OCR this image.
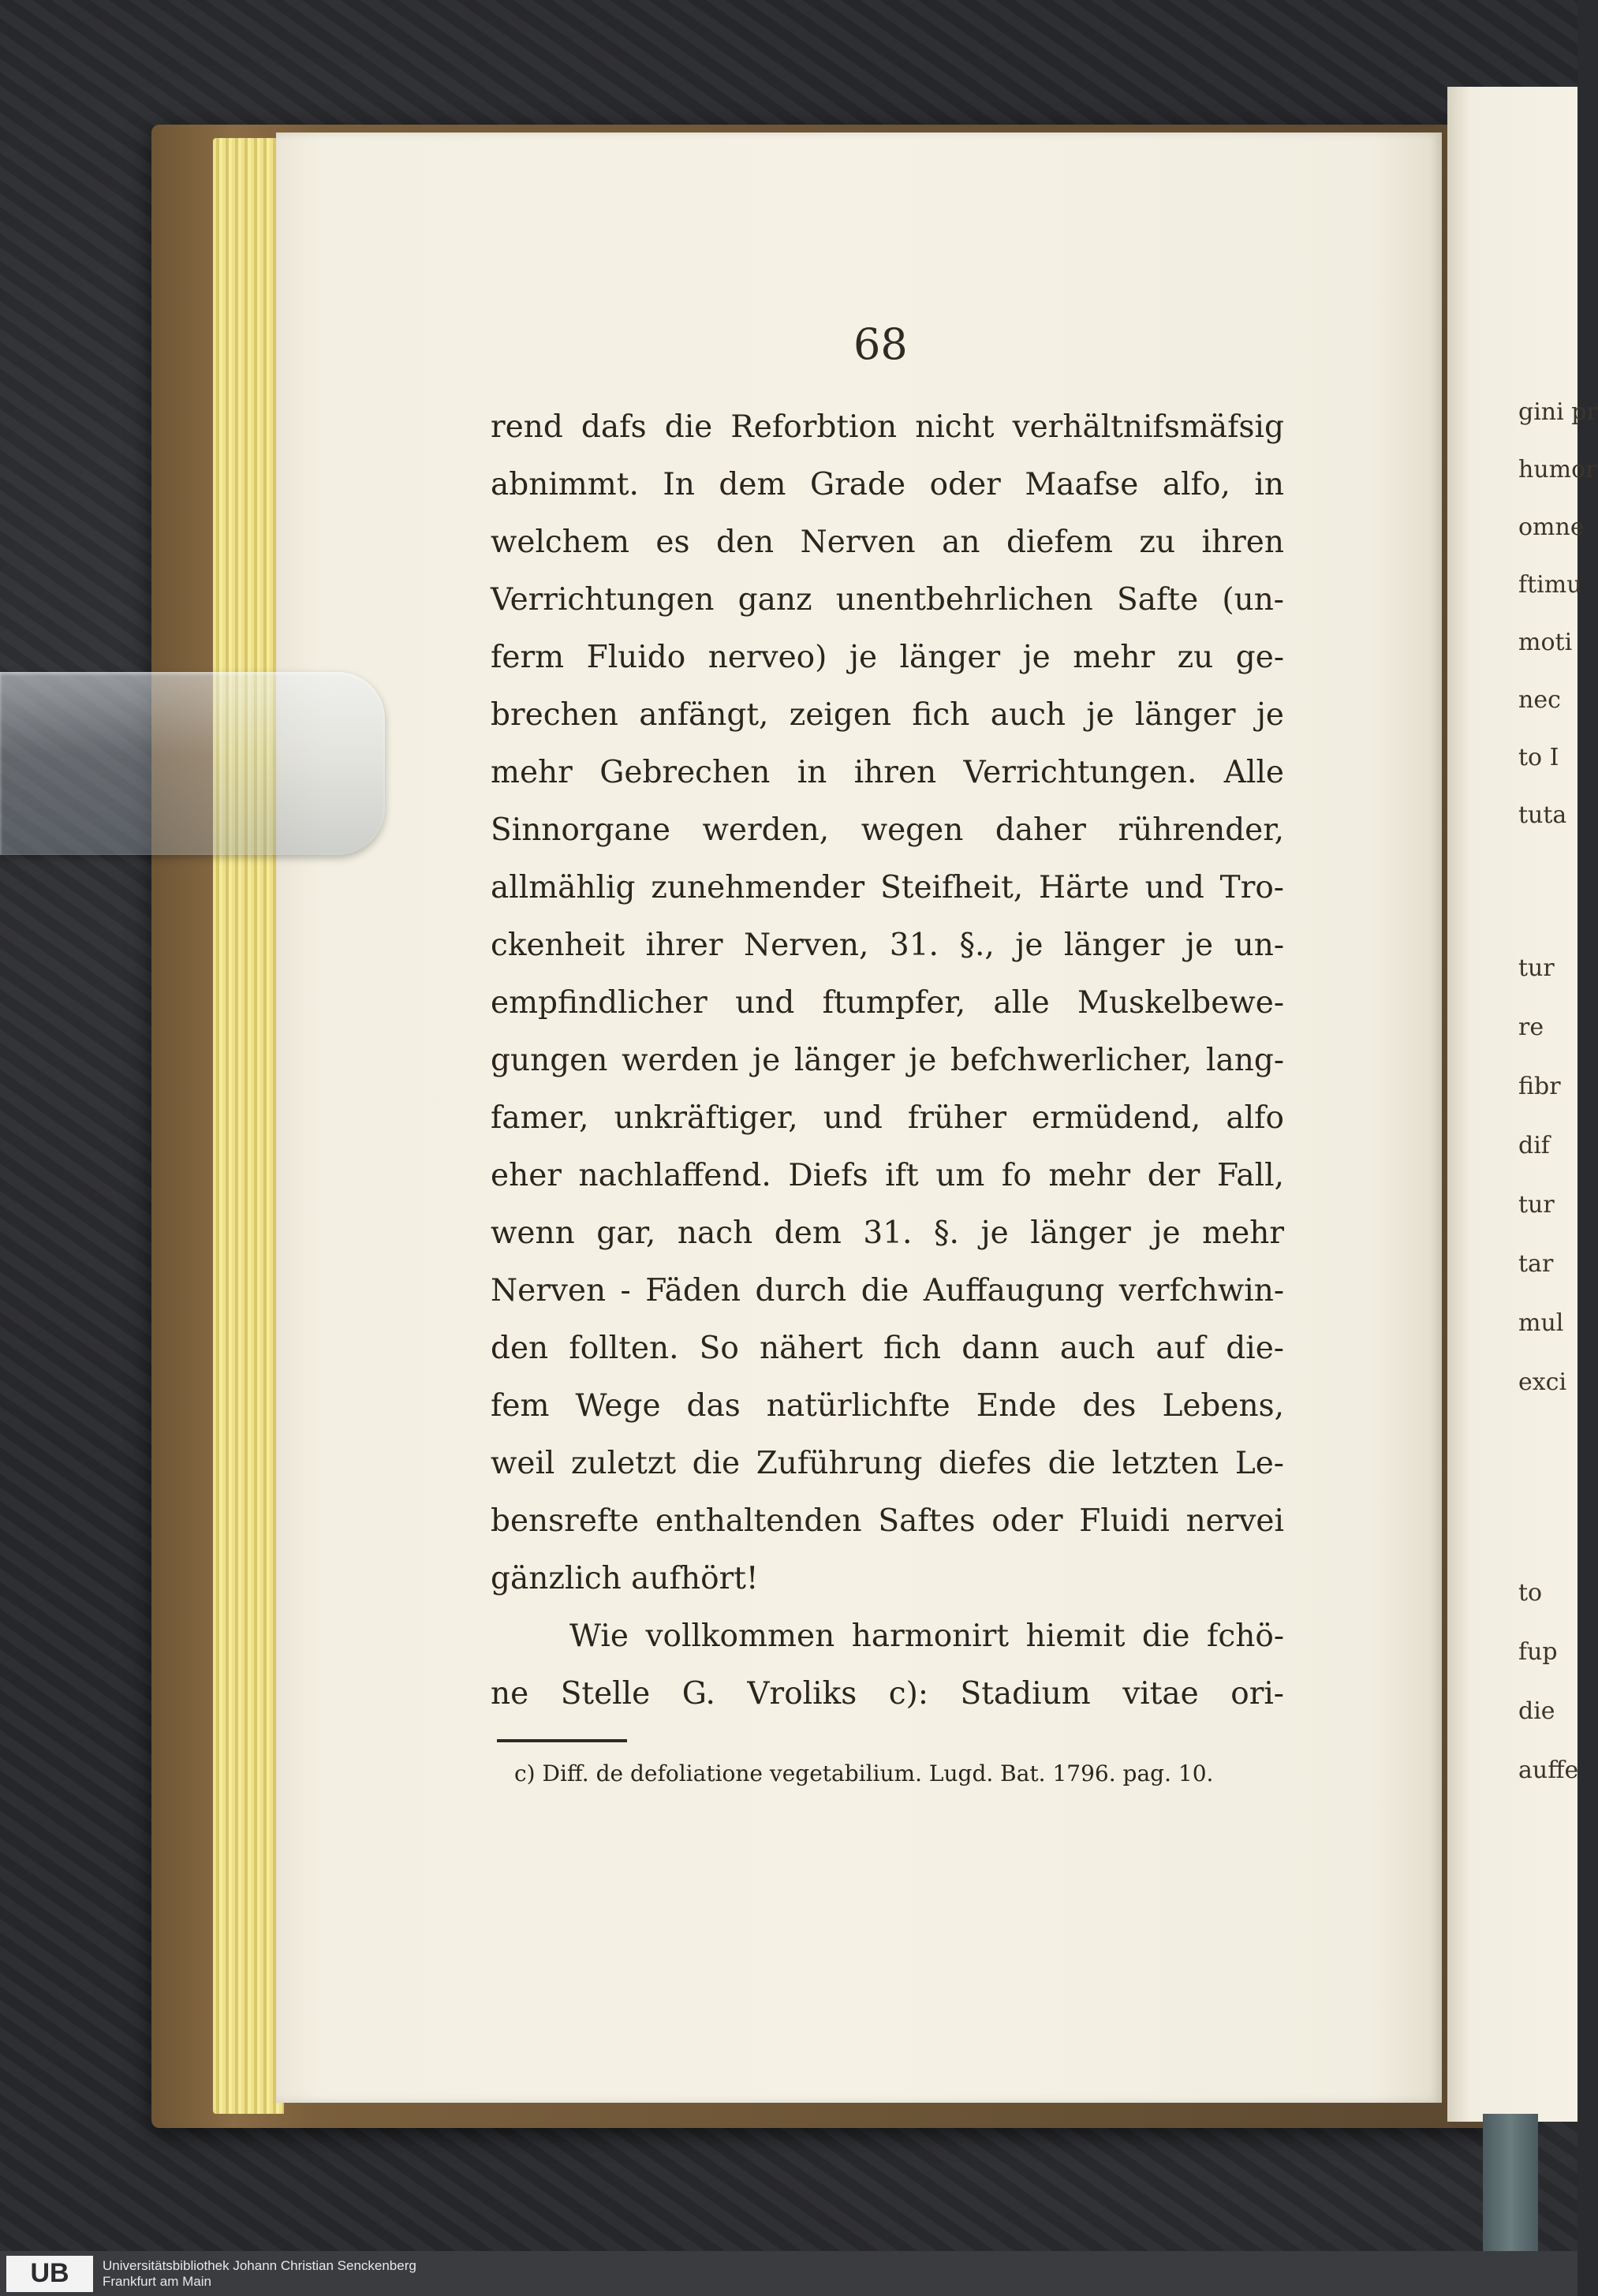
gini pr
humor
omne
ftimu
moti
nec
to I
tuta
tur
re
fibr
dif
tur
tar
mul
exci
to
fup
die
auffe
68
rend dafs die Reforbtion nicht verhältnifsmäfsig
abnimmt. In dem Grade oder Maafse alfo, in
welchem es den Nerven an diefem zu ihren
Verrichtungen ganz unentbehrlichen Safte (un-
ferm Fluido nerveo) je länger je mehr zu ge-
brechen anfängt, zeigen fich auch je länger je
mehr Gebrechen in ihren Verrichtungen. Alle
Sinnorgane werden, wegen daher rührender,
allmählig zunehmender Steifheit, Härte und Tro-
ckenheit ihrer Nerven, 31. §., je länger je un-
empfindlicher und ftumpfer, alle Muskelbewe-
gungen werden je länger je befchwerlicher, lang-
famer, unkräftiger, und früher ermüdend, alfo
eher nachlaffend. Diefs ift um fo mehr der Fall,
wenn gar, nach dem 31. §. je länger je mehr
Nerven - Fäden durch die Auffaugung verfchwin-
den follten. So nähert fich dann auch auf die-
fem Wege das natürlichfte Ende des Lebens,
weil zuletzt die Zuführung diefes die letzten Le-
bensrefte enthaltenden Saftes oder Fluidi nervei
gänzlich aufhört!
Wie vollkommen harmonirt hiemit die fchö-
ne Stelle G. Vroliks c): Stadium vitae ori-
c) Diff. de defoliatione vegetabilium. Lugd. Bat. 1796. pag. 10.
UB	Universitätsbibliothek Johann Christian Senckenberg
Frankfurt am Main
